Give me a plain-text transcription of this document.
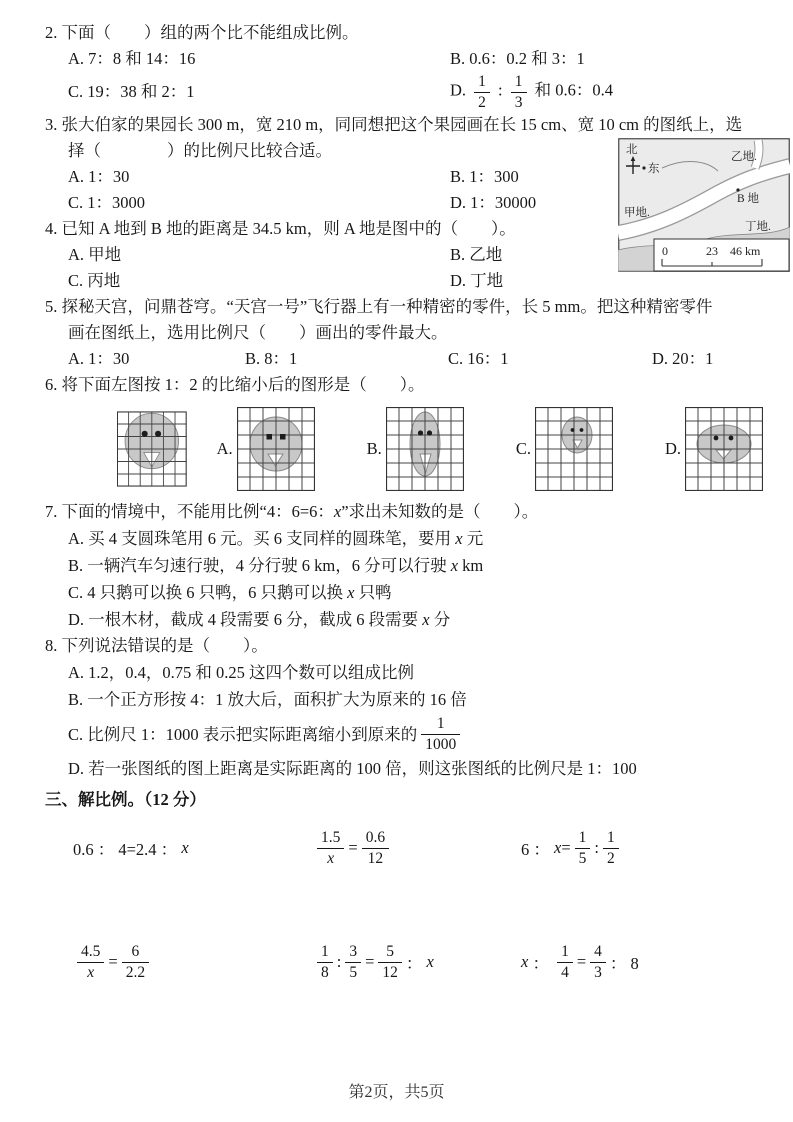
2. 下面（　　）组的两个比不能组成比例。
A. 7：8 和 14：16	B. 0.6：0.2 和 3：1
C. 19：38 和 2：1	D. $\frac{1}{2}$ : $\frac{1}{3}$ 和 0.6：0.4
3. 张大伯家的果园长 300 m，宽 210 m，同同想把这个果园画在长 15 cm、宽 10 cm 的图纸上，选
择（　　　　）的比例尺比较合适。
A. 1：30	B. 1：300
C. 1：3000	D. 1：30000
4. 已知 A 地到 B 地的距离是 34.5 km，则 A 地是图中的（　　）。
A. 甲地	B. 乙地
C. 丙地	D. 丁地
5. 探秘天宫，问鼎苍穹。“天宫一号”飞行器上有一种精密的零件，长 5 mm。把这种精密零件
画在图纸上，选用比例尺（　　）画出的零件最大。
A. 1：30	B. 8：1	C. 16：1	D. 20：1
6. 将下面左图按 1：2 的比缩小后的图形是（　　）。
A.	B.	C.	D.
7. 下面的情境中，不能用比例“4：6=6：x”求出未知数的是（　　）。
A. 买 4 支圆珠笔用 6 元。买 6 支同样的圆珠笔，要用 x 元
B. 一辆汽车匀速行驶，4 分行驶 6 km，6 分可以行驶 x km
C. 4 只鹅可以换 6 只鸭，6 只鹅可以换 x 只鸭
D. 一根木材，截成 4 段需要 6 分，截成 6 段需要 x 分
8. 下列说法错误的是（　　）。
A. 1.2，0.4，0.75 和 0.25 这四个数可以组成比例
B. 一个正方形按 4：1 放大后，面积扩大为原来的 16 倍
C. 比例尺 1：1000 表示把实际距离缩小到原来的 $\frac{1}{1000}$
D. 若一张图纸的图上距离是实际距离的 100 倍，则这张图纸的比例尺是 1：100
三、解比例。（12 分）
0.6 ： 4=2.4 ： x	$\frac{1.5}{x} = \frac{0.6}{12}$	6 ： $x = \frac{1}{5}$ : $\frac{1}{2}$
$\frac{4.5}{x} = \frac{6}{2.2}$	$\frac{1}{8}$ : $\frac{3}{5} = \frac{5}{12}$ ： x	x ： $\frac{1}{4} = \frac{4}{3}$ ： 8
北
东
甲地.
乙地.
B 地
丁地.
0	23 46 km
第2页，共5页
